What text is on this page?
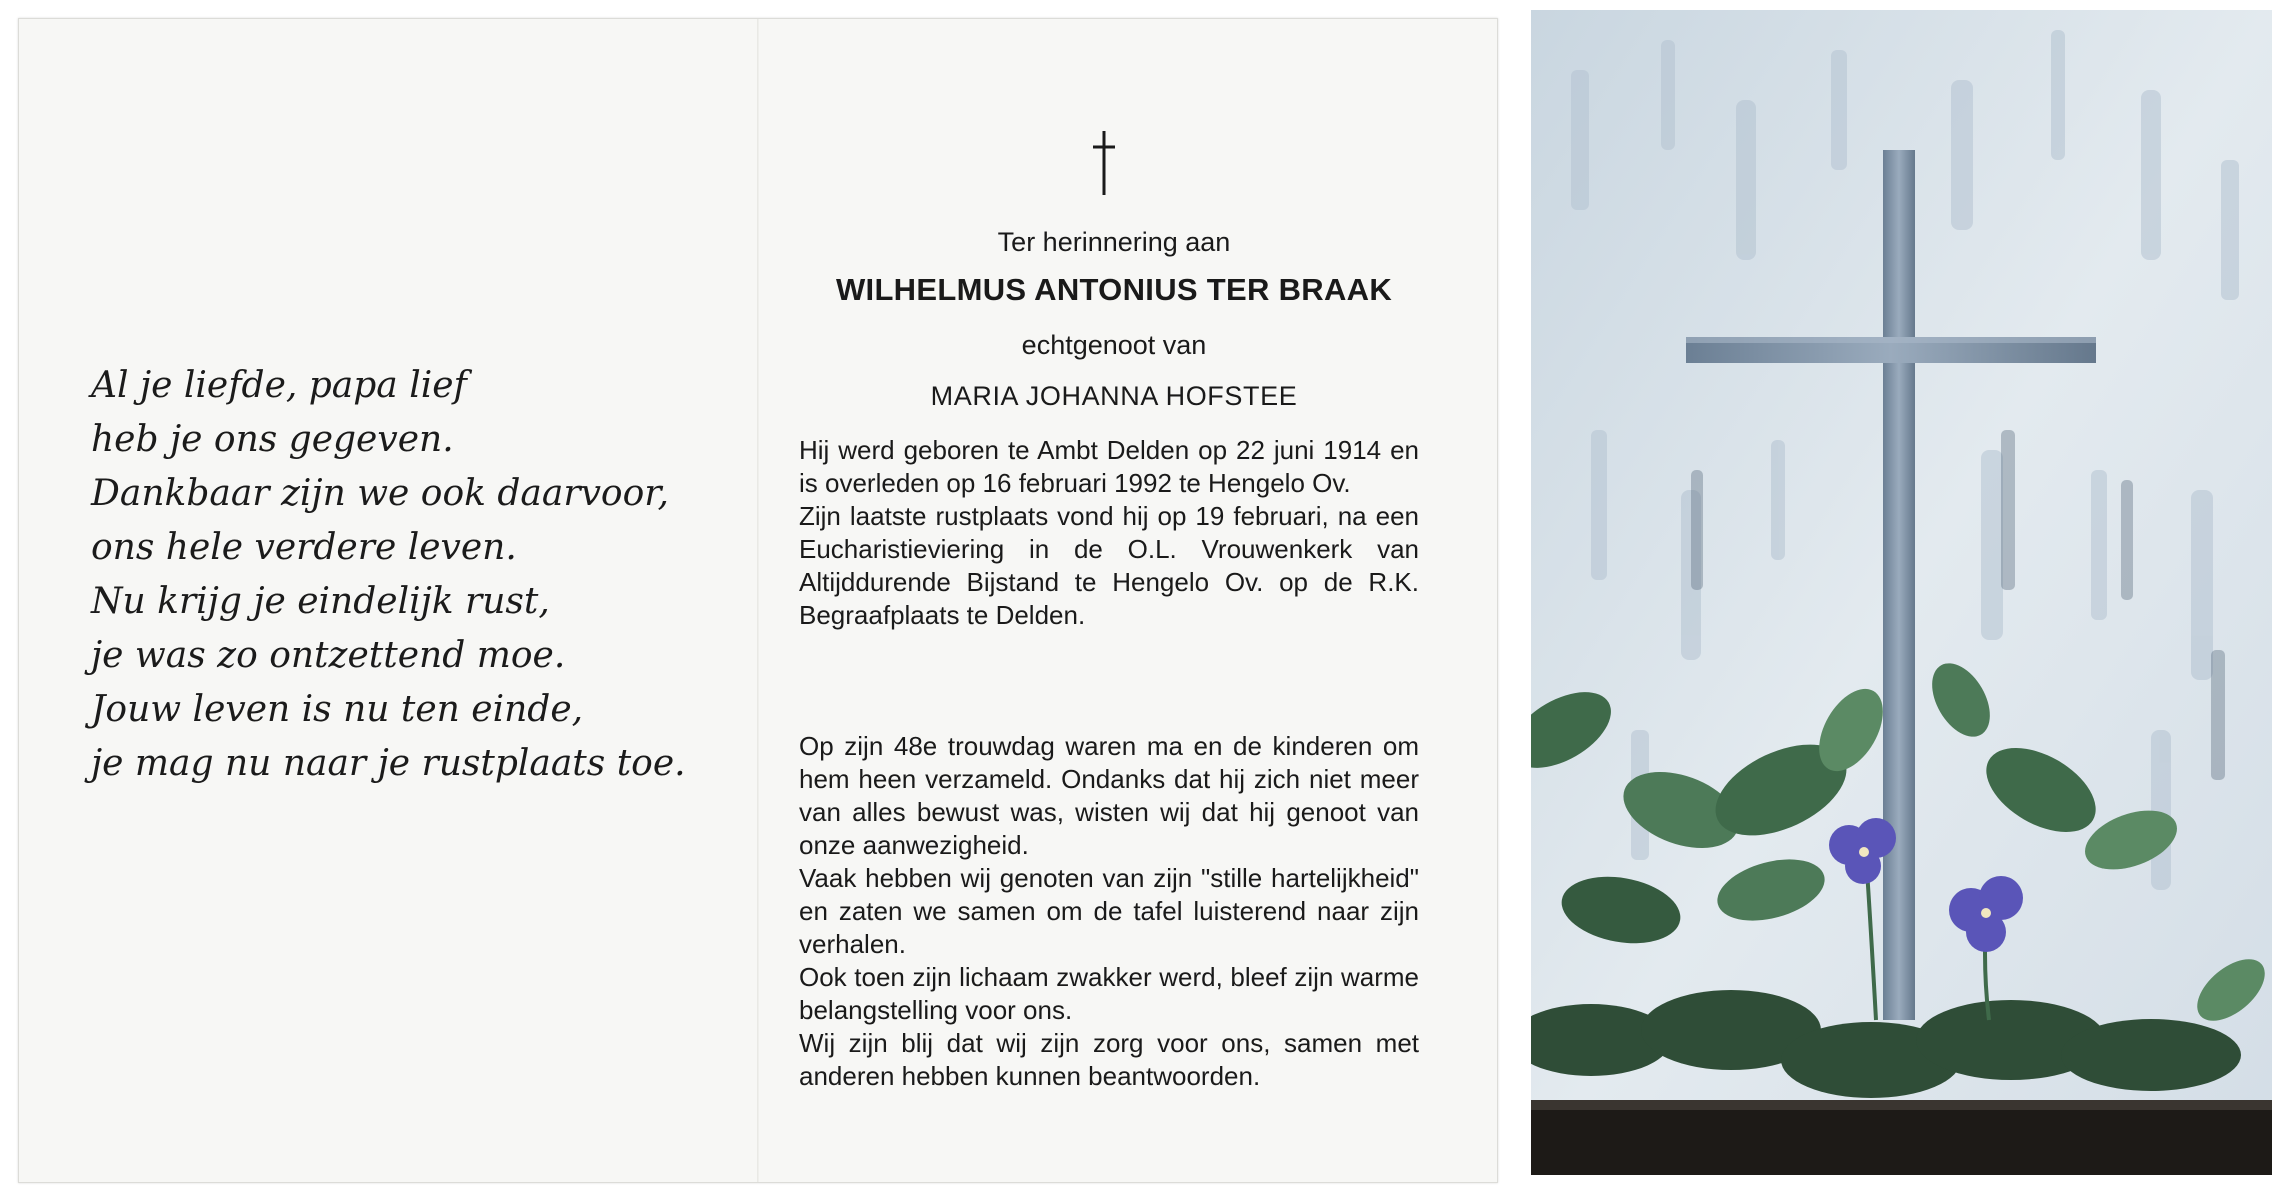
Al je liefde, papa lief
heb je ons gegeven.
Dankbaar zijn we ook daarvoor,
ons hele verdere leven.
Nu krijg je eindelijk rust,
je was zo ontzettend moe.
Jouw leven is nu ten einde,
je mag nu naar je rustplaats toe.
Ter herinnering aan
WILHELMUS ANTONIUS TER BRAAK
echtgenoot van
MARIA JOHANNA HOFSTEE
Hij werd geboren te Ambt Delden op 22 juni 1914 en is overleden op 16 februari 1992 te Hengelo Ov.
Zijn laatste rustplaats vond hij op 19 februari, na een Eucharistieviering in de O.L. Vrouwenkerk van Altijddurende Bijstand te Hengelo Ov. op de R.K. Begraafplaats te Delden.
Op zijn 48e trouwdag waren ma en de kinderen om hem heen verzameld. Ondanks dat hij zich niet meer van alles bewust was, wisten wij dat hij genoot van onze aanwezigheid.
Vaak hebben wij genoten van zijn "stille hartelijkheid" en zaten we samen om de tafel luisterend naar zijn verhalen.
Ook toen zijn lichaam zwakker werd, bleef zijn warme belangstelling voor ons.
Wij zijn blij dat wij zijn zorg voor ons, samen met anderen hebben kunnen beantwoorden.
